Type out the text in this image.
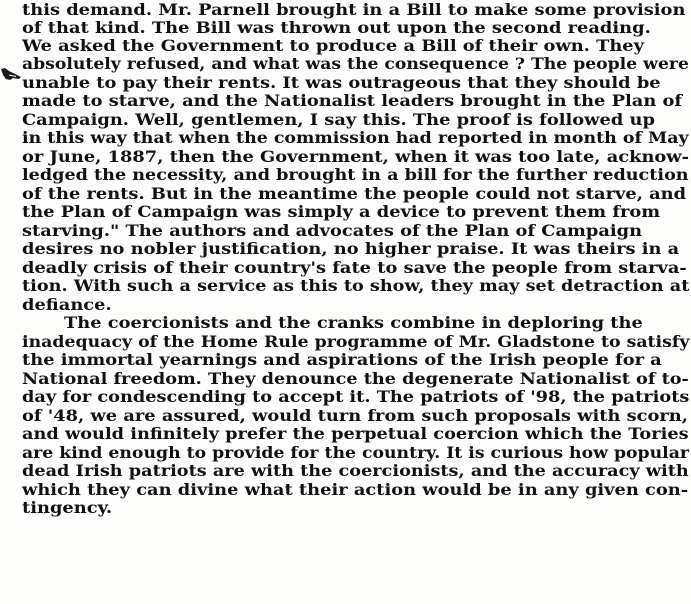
this demand. Mr. Parnell brought in a Bill to make some provision

of that kind. The Bill was thrown out upon the second reading.

We asked the Government to produce a Bill of their own. They

absolutely refused, and what was the consequence ? The people were

unable to pay their rents. It was outrageous that they should be

made to starve, and the Nationalist leaders brought in the Plan of

Campaign. Well, gentlemen, I say this. The proof is followed up

in this way that when the commission had reported in month of May

or June, 1887, then the Government, when it was too late, acknow-

ledged the necessity, and brought in a bill for the further reduction

of the rents. But in the meantime the people could not starve, and

the Plan of Campaign was simply a device to prevent them from

starving." The authors and advocates of the Plan of Campaign

desires no nobler justification, no higher praise. It was theirs in a

deadly crisis of their country's fate to save the people from starva-

tion. With such a service as this to show, they may set detraction at

defiance.

The coercionists and the cranks combine in deploring the

inadequacy of the Home Rule programme of Mr. Gladstone to satisfy

the immortal yearnings and aspirations of the Irish people for a

National freedom. They denounce the degenerate Nationalist of to-

day for condescending to accept it. The patriots of '98, the patriots

of '48, we are assured, would turn from such proposals with scorn,

and would infinitely prefer the perpetual coercion which the Tories

are kind enough to provide for the country. It is curious how popular

dead Irish patriots are with the coercionists, and the accuracy with

which they can divine what their action would be in any given con-

tingency.
